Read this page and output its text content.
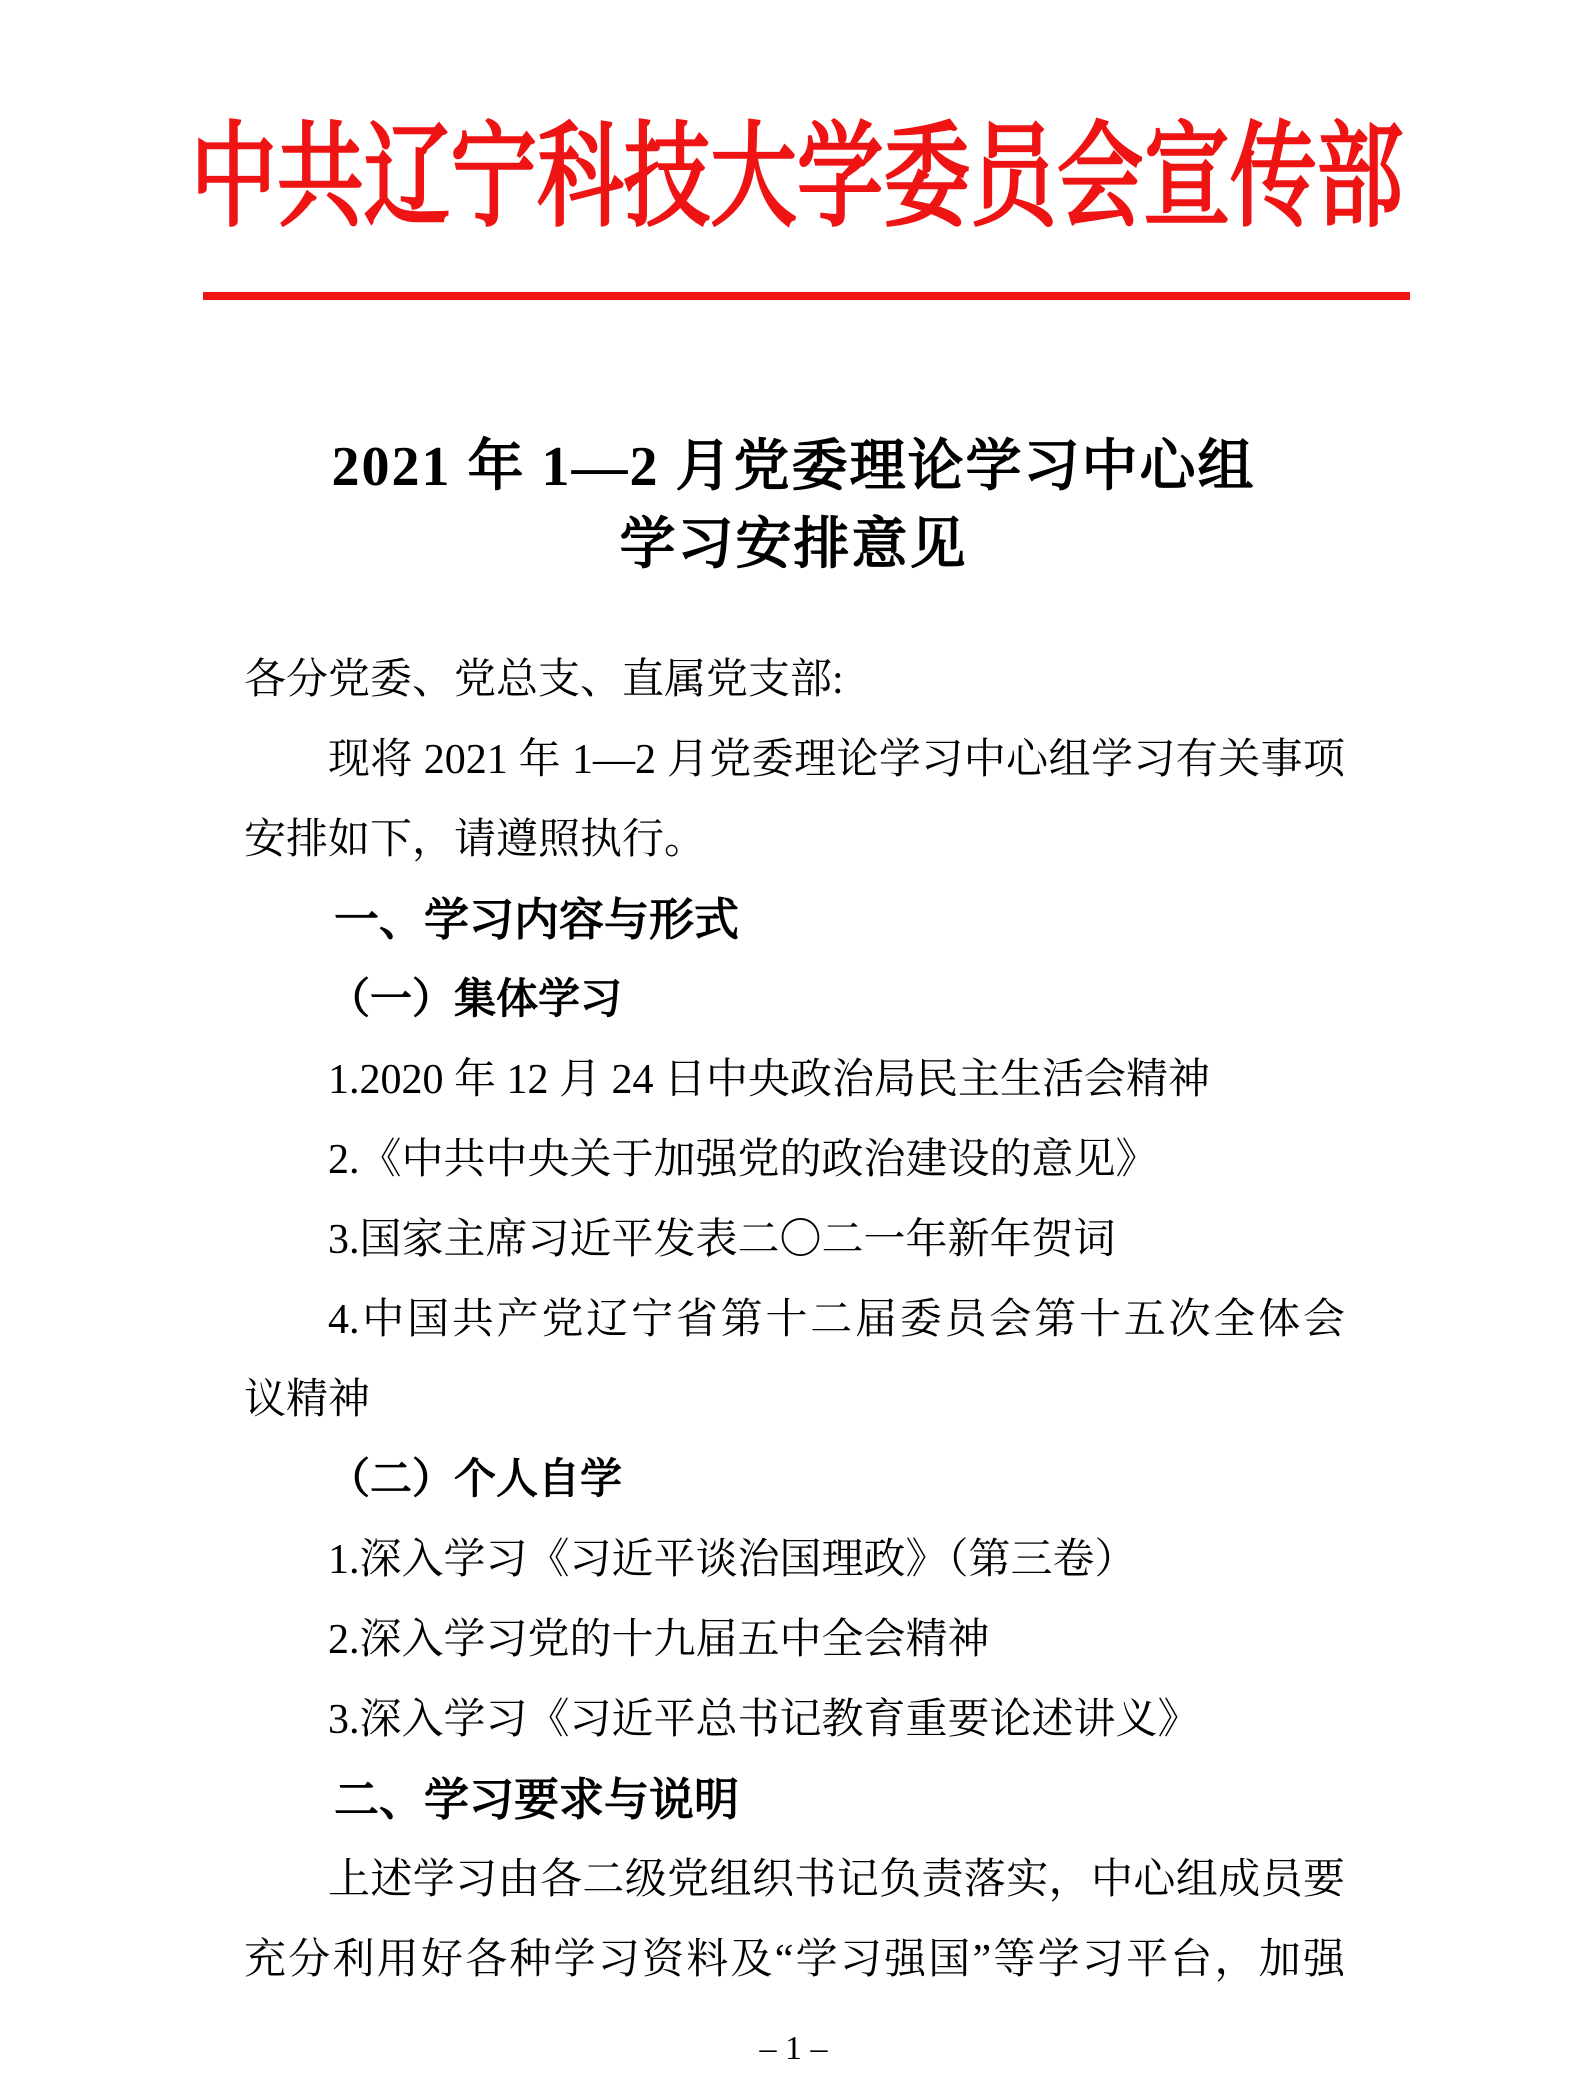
中共辽宁科技大学委员会宣传部
2021 年 1—2 月党委理论学习中心组
学习安排意见
各分党委、党总支、直属党支部:
现将 2021 年 1—2 月党委理论学习中心组学习有关事项
安排如下，请遵照执行。
一、学习内容与形式
（一）集体学习
1.2020 年 12 月 24 日中央政治局民主生活会精神
2.《中共中央关于加强党的政治建设的意见》
3.国家主席习近平发表二〇二一年新年贺词
4.中国共产党辽宁省第十二届委员会第十五次全体会
议精神
（二）个人自学
1.深入学习《习近平谈治国理政》（第三卷）
2.深入学习党的十九届五中全会精神
3.深入学习《习近平总书记教育重要论述讲义》
二、学习要求与说明
上述学习由各二级党组织书记负责落实，中心组成员要
充分利用好各种学习资料及“学习强国”等学习平台，加强
– 1 –
